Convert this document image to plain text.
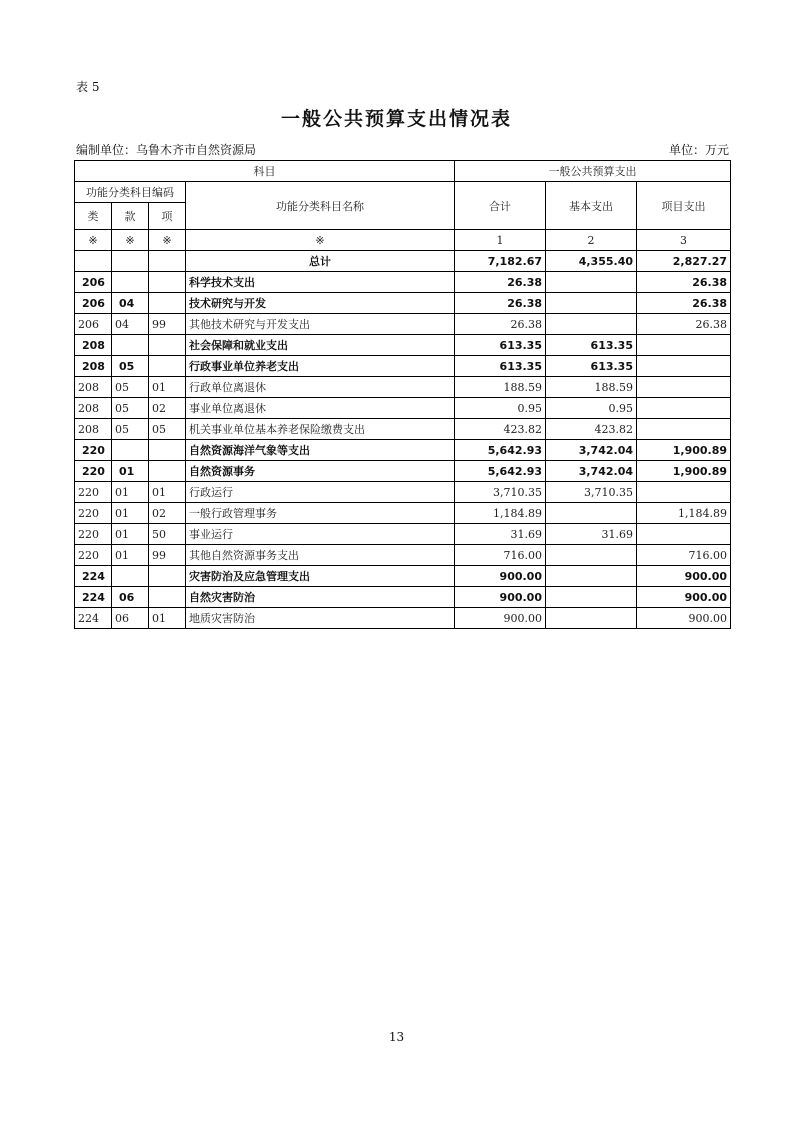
表 5
一般公共预算支出情况表
编制单位：乌鲁木齐市自然资源局	单位：万元
科目				一般公共预算支出		
功能分类科目编码			功能分类科目名称	合计	基本支出	项目支出
类	款	项				
※	※	※	※	1	2	3
			总计	7,182.67	4,355.40	2,827.27
206			科学技术支出	26.38		26.38
206	04		技术研究与开发	26.38		26.38
206	04	99	其他技术研究与开发支出	26.38		26.38
208			社会保障和就业支出	613.35	613.35	
208	05		行政事业单位养老支出	613.35	613.35	
208	05	01	行政单位离退休	188.59	188.59	
208	05	02	事业单位离退休	0.95	0.95	
208	05	05	机关事业单位基本养老保险缴费支出	423.82	423.82	
220			自然资源海洋气象等支出	5,642.93	3,742.04	1,900.89
220	01		自然资源事务	5,642.93	3,742.04	1,900.89
220	01	01	行政运行	3,710.35	3,710.35	
220	01	02	一般行政管理事务	1,184.89		1,184.89
220	01	50	事业运行	31.69	31.69	
220	01	99	其他自然资源事务支出	716.00		716.00
224			灾害防治及应急管理支出	900.00		900.00
224	06		自然灾害防治	900.00		900.00
224	06	01	地质灾害防治	900.00		900.00
13
